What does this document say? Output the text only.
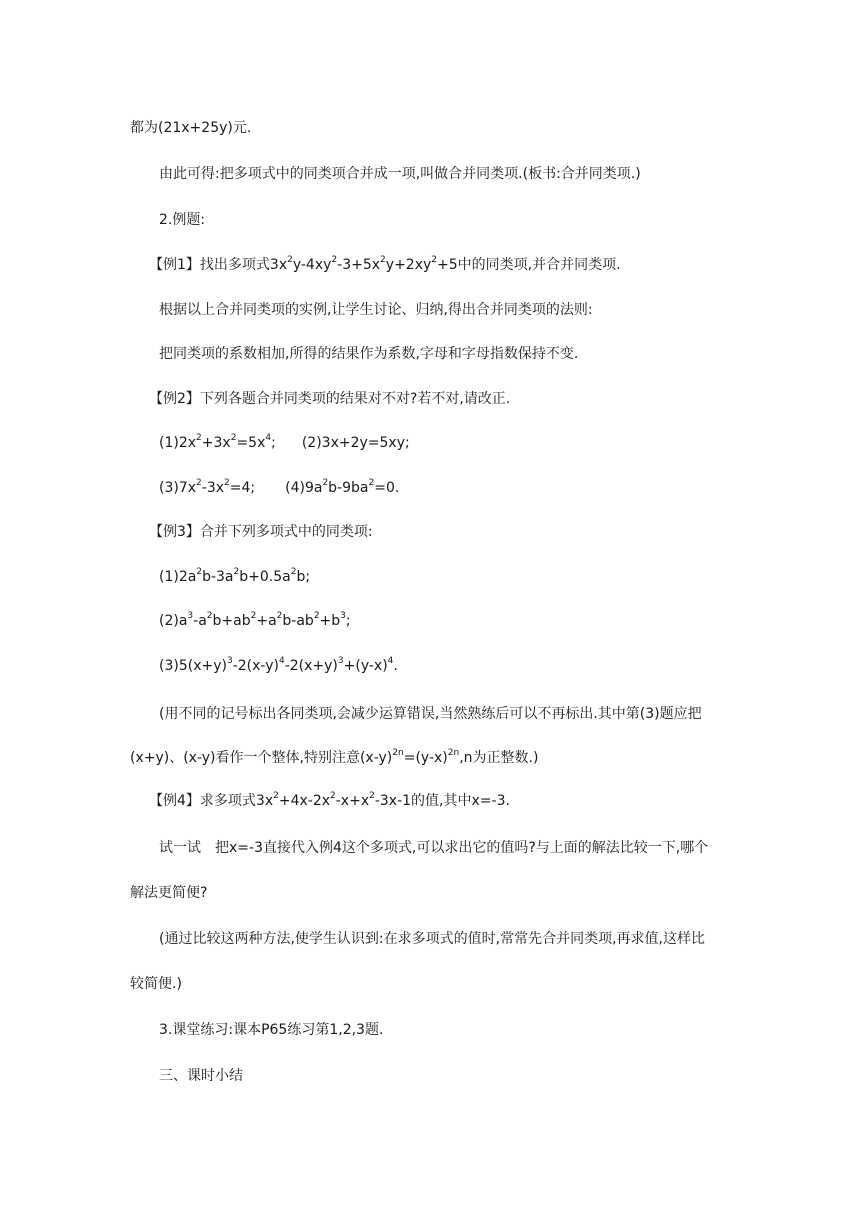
都为(21x+25y)元.
由此可得:把多项式中的同类项合并成一项,叫做合并同类项.(板书:合并同类项.)
2.例题:
【例1】找出多项式$3x^2y-4xy^2-3+5x^2y+2xy^2+5$中的同类项,并合并同类项.
根据以上合并同类项的实例,让学生讨论、归纳,得出合并同类项的法则:
把同类项的系数相加,所得的结果作为系数,字母和字母指数保持不变.
【例2】下列各题合并同类项的结果对不对?若不对,请改正.
$(1)2x^2+3x^2=5x^4$; (2)3x+2y=5xy;
$(3)7x^2-3x^2=4$; $(4)9a^2b-9ba^2=0$.
【例3】合并下列多项式中的同类项:
$(1)2a^2b-3a^2b+0.5a^2b$;
$(2)a^3-a^2b+ab^2+a^2b-ab^2+b^3$;
$(3)5(x+y)^3-2(x-y)^4-2(x+y)^3+(y-x)^4$.
(用不同的记号标出各同类项,会减少运算错误,当然熟练后可以不再标出.其中第(3)题应把
(x+y)、(x-y)看作一个整体,特别注意$(x-y)^{2n}=(y-x)^{2n},n$为正整数.)
【例4】求多项式$3x^2+4x-2x^2-x+x^2-3x-1$的值,其中x=-3.
试一试　把x=-3直接代入例4这个多项式,可以求出它的值吗?与上面的解法比较一下,哪个
解法更简便?
(通过比较这两种方法,使学生认识到:在求多项式的值时,常常先合并同类项,再求值,这样比
较简便.)
3.课堂练习:课本P65练习第1,2,3题.
三、课时小结
